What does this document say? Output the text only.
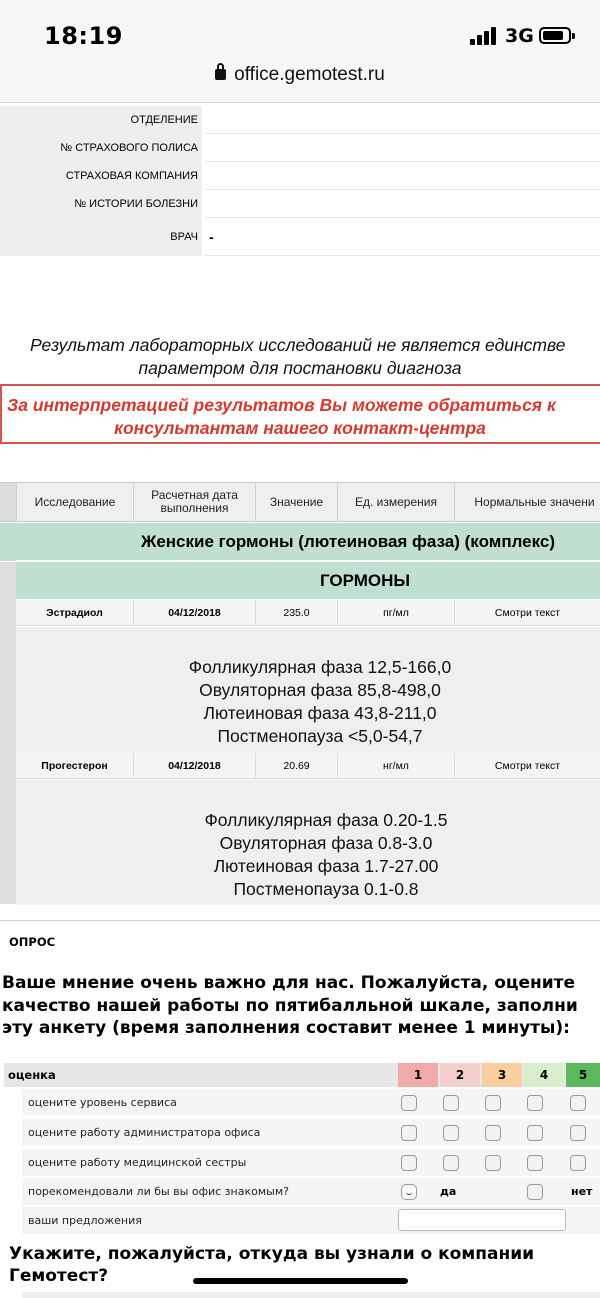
18:19	3G
office.gemotest.ru
ОТДЕЛЕНИЕ
№ СТРАХОВОГО ПОЛИСА
СТРАХОВАЯ КОМПАНИЯ
№ ИСТОРИИ БОЛЕЗНИ
ВРАЧ -
Результат лабораторных исследований не является единстве
параметром для постановки диагноза
За интерпретацией результатов Вы можете обратиться к
консультантам нашего контакт-центра
Исследование	Расчетная дата выполнения	Значение	Ед. измерения	Нормальные значени
Женские гормоны (лютеиновая фаза) (комплекс)
ГОРМОНЫ
Эстрадиол	04/12/2018	235.0	пг/мл	Смотри текст
Фолликулярная фаза 12,5-166,0
Овуляторная фаза 85,8-498,0
Лютеиновая фаза 43,8-211,0
Постменопауза <5,0-54,7
Прогестерон	04/12/2018	20.69	нг/мл	Смотри текст
Фолликулярная фаза 0.20-1.5
Овуляторная фаза 0.8-3.0
Лютеиновая фаза 1.7-27.00
Постменопауза 0.1-0.8
ОПРОС
Ваше мнение очень важно для нас. Пожалуйста, оцените
качество нашей работы по пятибалльной шкале, заполни
эту анкету (время заполнения составит менее 1 минуты):
оценка	1	2	3	4	5
оцените уровень сервиса
оцените работу администратора офиса
оцените работу медицинской сестры
порекомендовали ли бы вы офис знакомым?	да	нет
ваши предложения
Укажите, пожалуйста, откуда вы узнали о компании
Гемотест?
